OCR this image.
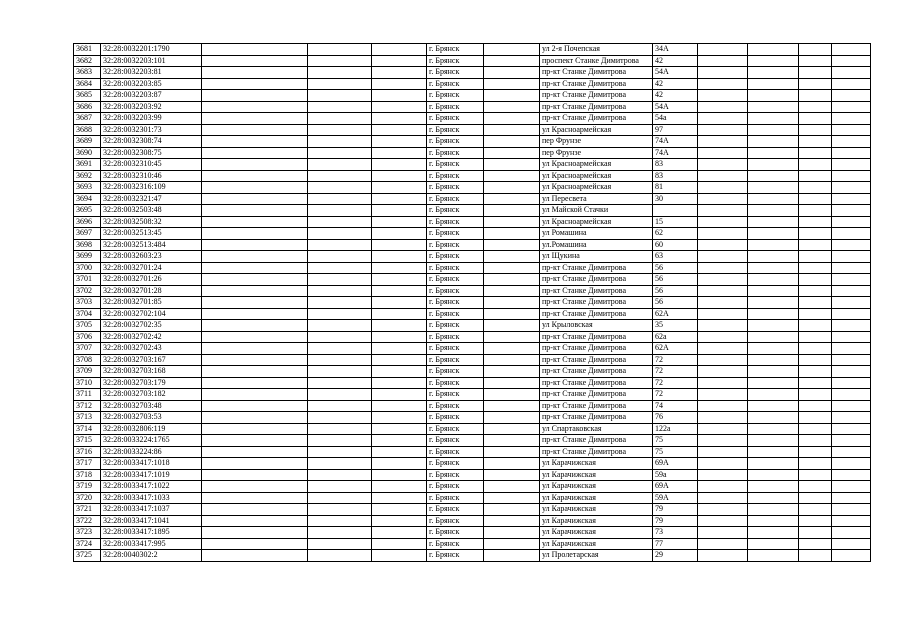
3681	32:28:0032201:1790				г. Брянск		ул 2-я Почепская	34А				
3682	32:28:0032203:101				г. Брянск		проспект Станке Димитрова	42				
3683	32:28:0032203:81				г. Брянск		пр-кт Станке Димитрова	54А				
3684	32:28:0032203:85				г. Брянск		пр-кт Станке Димитрова	42				
3685	32:28:0032203:87				г. Брянск		пр-кт Станке Димитрова	42				
3686	32:28:0032203:92				г. Брянск		пр-кт Станке Димитрова	54А				
3687	32:28:0032203:99				г. Брянск		пр-кт Станке Димитрова	54а				
3688	32:28:0032301:73				г. Брянск		ул Красноармейская	97				
3689	32:28:0032308:74				г. Брянск		пер Фрунзе	74А				
3690	32:28:0032308:75				г. Брянск		пер Фрунзе	74А				
3691	32:28:0032310:45				г. Брянск		ул Красноармейская	83				
3692	32:28:0032310:46				г. Брянск		ул Красноармейская	83				
3693	32:28:0032316:109				г. Брянск		ул Красноармейская	81				
3694	32:28:0032321:47				г. Брянск		ул Пересвета	30				
3695	32:28:0032503:48				г. Брянск		ул Майской Стачки					
3696	32:28:0032508:32				г. Брянск		ул Красноармейская	15				
3697	32:28:0032513:45				г. Брянск		ул Ромашина	62				
3698	32:28:0032513:484				г. Брянск		ул.Ромашина	60				
3699	32:28:0032603:23				г. Брянск		ул Щукина	63				
3700	32:28:0032701:24				г. Брянск		пр-кт Станке Димитрова	56				
3701	32:28:0032701:26				г. Брянск		пр-кт Станке Димитрова	56				
3702	32:28:0032701:28				г. Брянск		пр-кт Станке Димитрова	56				
3703	32:28:0032701:85				г. Брянск		пр-кт Станке Димитрова	56				
3704	32:28:0032702:104				г. Брянск		пр-кт Станке Димитрова	62А				
3705	32:28:0032702:35				г. Брянск		ул Крыловская	35				
3706	32:28:0032702:42				г. Брянск		пр-кт Станке Димитрова	62а				
3707	32:28:0032702:43				г. Брянск		пр-кт Станке Димитрова	62А				
3708	32:28:0032703:167				г. Брянск		пр-кт Станке Димитрова	72				
3709	32:28:0032703:168				г. Брянск		пр-кт Станке Димитрова	72				
3710	32:28:0032703:179				г. Брянск		пр-кт Станке Димитрова	72				
3711	32:28:0032703:182				г. Брянск		пр-кт Станке Димитрова	72				
3712	32:28:0032703:48				г. Брянск		пр-кт Станке Димитрова	74				
3713	32:28:0032703:53				г. Брянск		пр-кт Станке Димитрова	76				
3714	32:28:0032806:119				г. Брянск		ул Спартаковская	122а				
3715	32:28:0033224:1765				г. Брянск		пр-кт Станке Димитрова	75				
3716	32:28:0033224:86				г. Брянск		пр-кт Станке Димитрова	75				
3717	32:28:0033417:1018				г. Брянск		ул Карачижская	69А				
3718	32:28:0033417:1019				г. Брянск		ул Карачижская	59а				
3719	32:28:0033417:1022				г. Брянск		ул Карачижская	69А				
3720	32:28:0033417:1033				г. Брянск		ул Карачижская	59А				
3721	32:28:0033417:1037				г. Брянск		ул Карачижская	79				
3722	32:28:0033417:1041				г. Брянск		ул Карачижская	79				
3723	32:28:0033417:1895				г. Брянск		ул Карачижская	73				
3724	32:28:0033417:995				г. Брянск		ул Карачижская	77				
3725	32:28:0040302:2				г. Брянск		ул Пролетарская	29				
